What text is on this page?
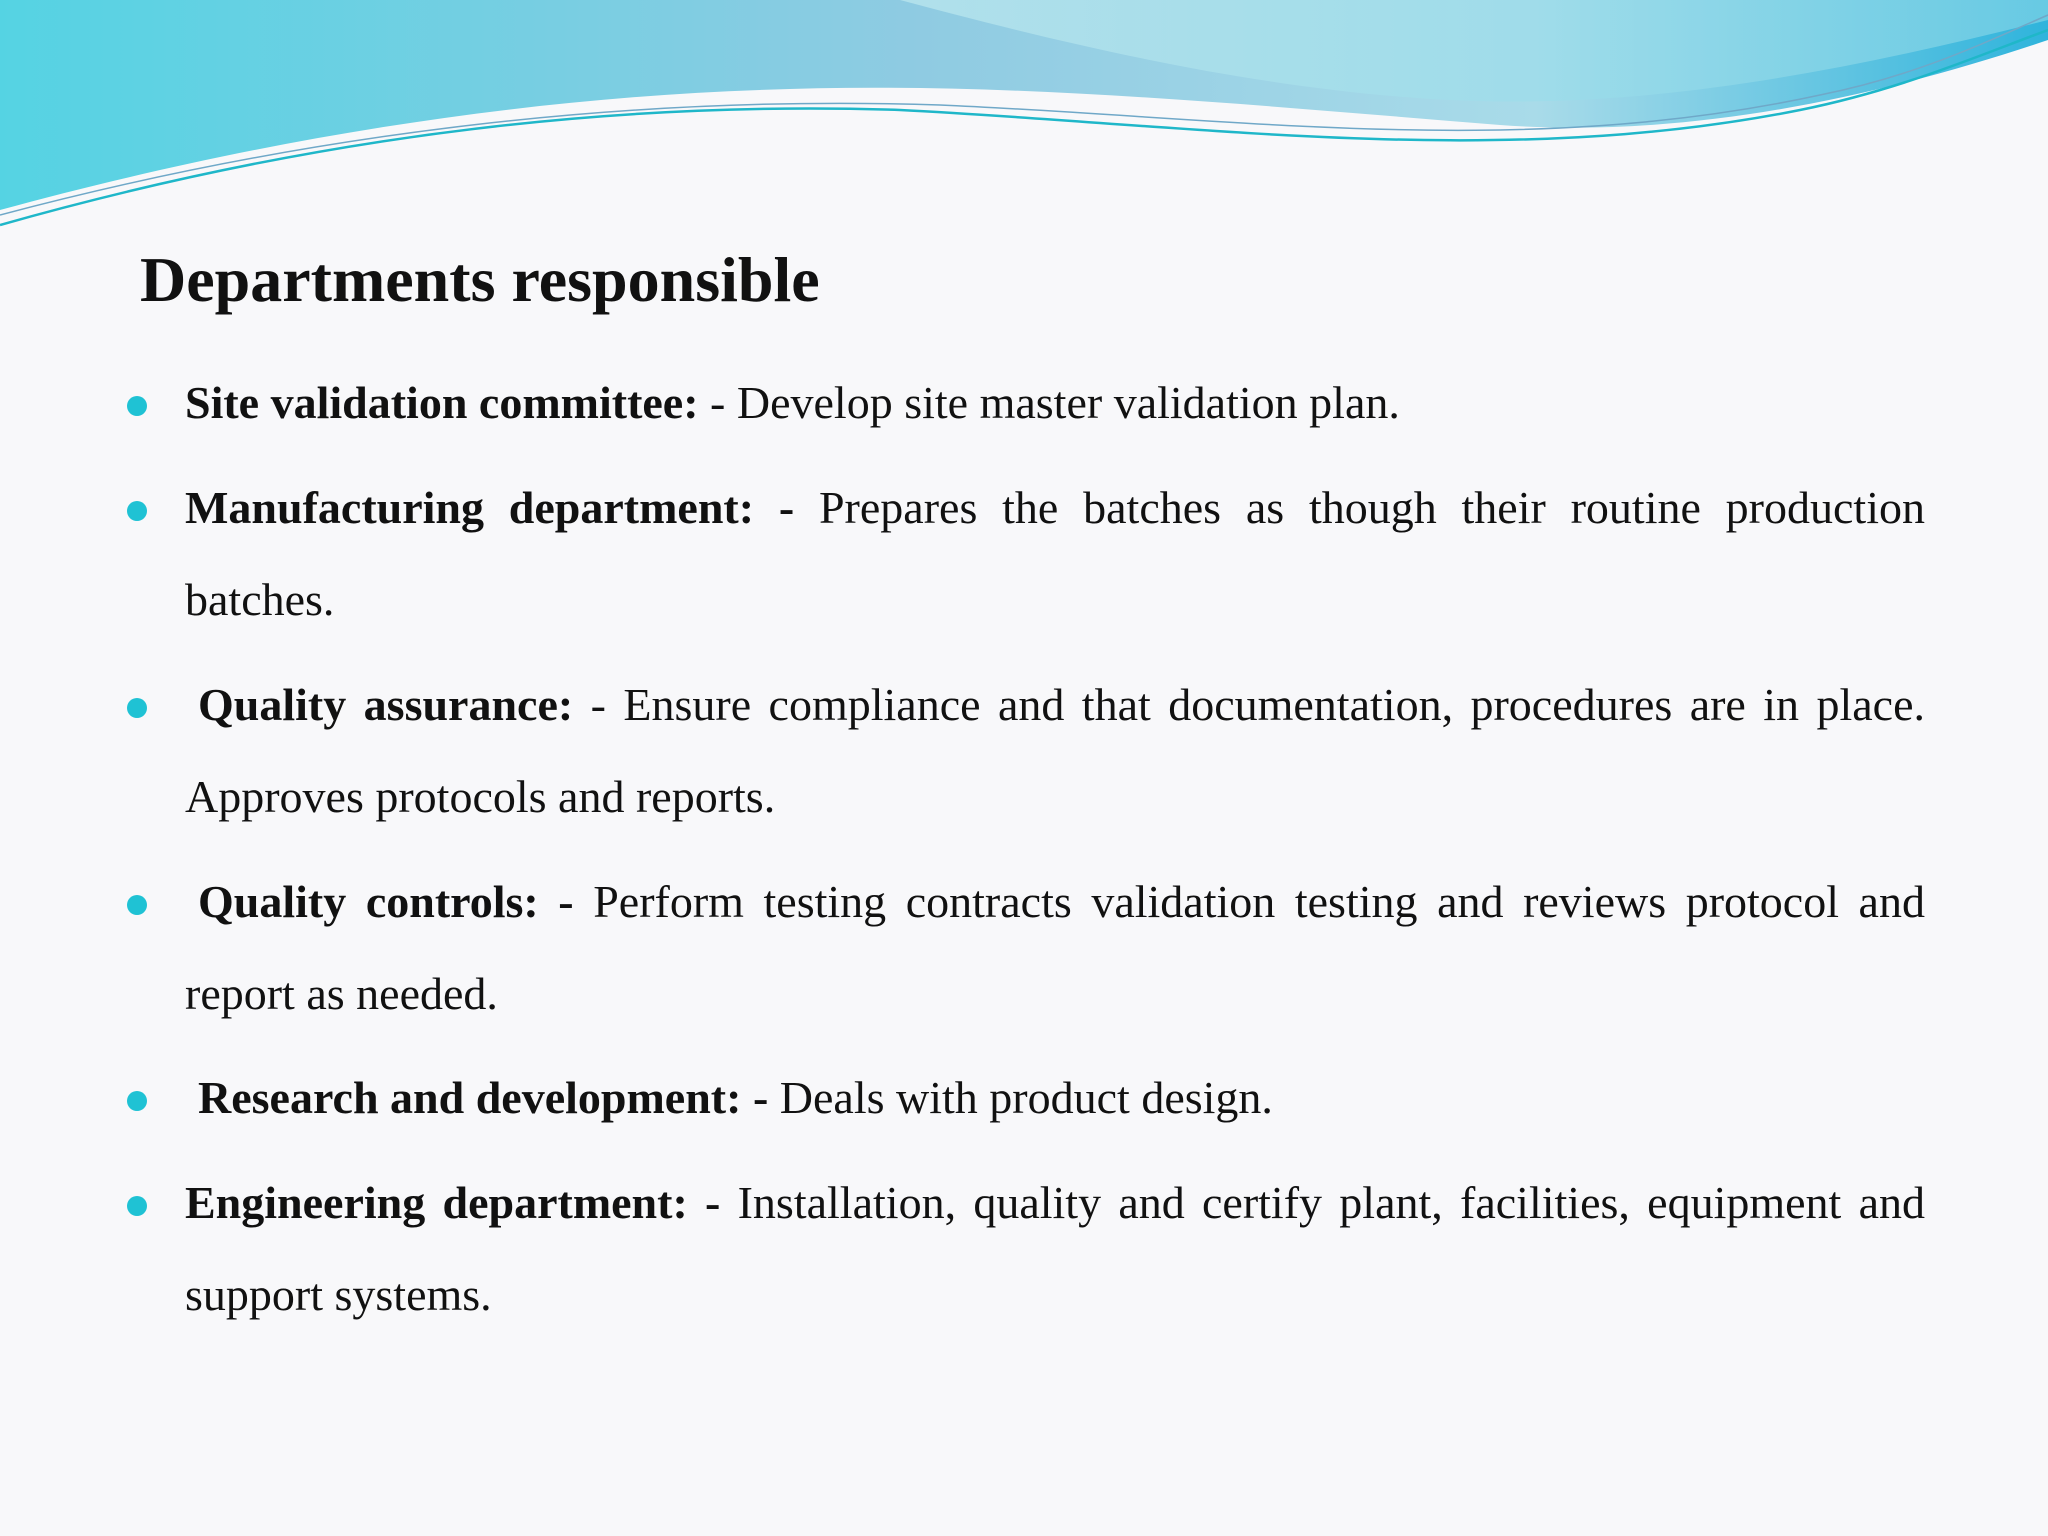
Departments responsible
Site validation committee: - Develop site master validation plan.
Manufacturing department: - Prepares the batches as though their routine production batches.
Quality assurance: - Ensure compliance and that documentation, procedures are in place. Approves protocols and reports.
Quality controls: - Perform testing contracts validation testing and reviews protocol and report as needed.
Research and development: - Deals with product design.
Engineering department: - Installation, quality and certify plant, facilities, equipment and support systems.
